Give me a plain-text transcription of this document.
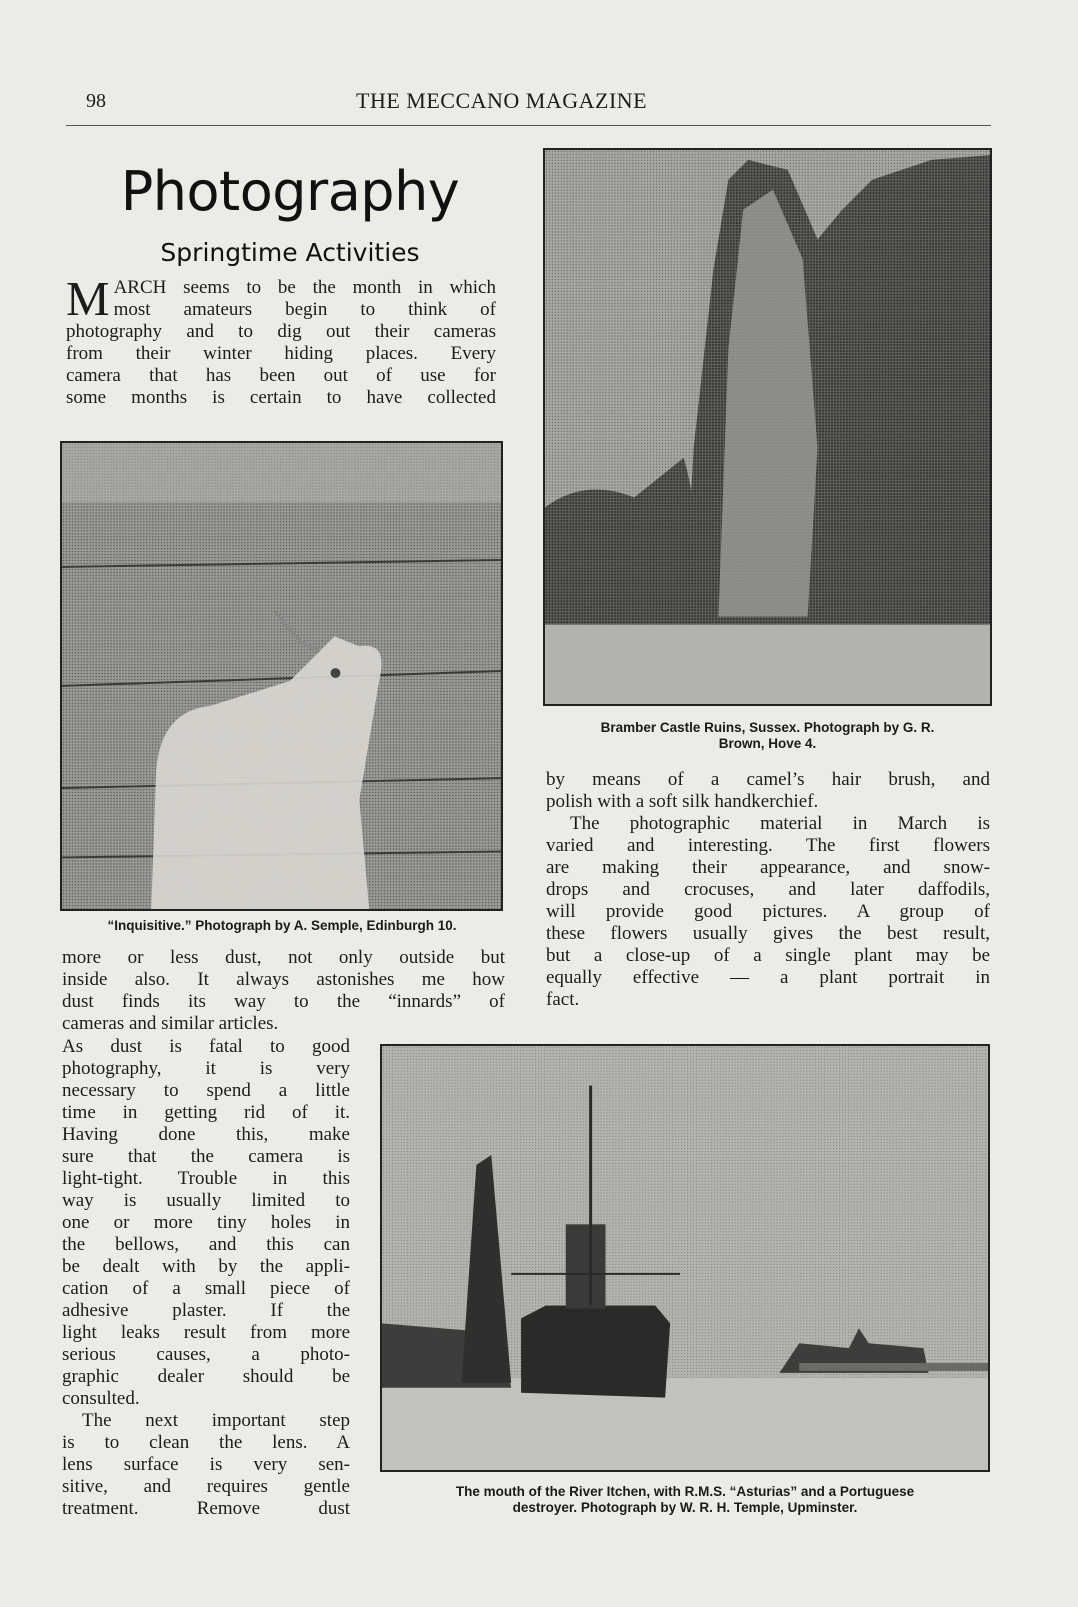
98	THE MECCANO MAGAZINE
Photography
Springtime Activities
M ARCH seems to be the month in which
most amateurs begin to think of
photography and to dig out their cameras
from their winter hiding places. Every
camera that has been out of use for
some months is certain to have collected
“Inquisitive.” Photograph by A. Semple, Edinburgh 10.
more or less dust, not only outside but
inside also. It always astonishes me how
dust finds its way to the “innards” of
cameras and similar articles.
As dust is fatal to good
photography, it is very
necessary to spend a little
time in getting rid of it.
Having done this, make
sure that the camera is
light-tight. Trouble in this
way is usually limited to
one or more tiny holes in
the bellows, and this can
be dealt with by the appli-
cation of a small piece of
adhesive plaster. If the
light leaks result from more
serious causes, a photo-
graphic dealer should be
consulted.
The next important step
is to clean the lens. A
lens surface is very sen-
sitive, and requires gentle
treatment. Remove dust
Bramber Castle Ruins, Sussex. Photograph by G. R.
Brown, Hove 4.
by means of a camel’s hair brush, and
polish with a soft silk handkerchief.
The photographic material in March is
varied and interesting. The first flowers
are making their appearance, and snow-
drops and crocuses, and later daffodils,
will provide good pictures. A group of
these flowers usually gives the best result,
but a close-up of a single plant may be
equally effective — a plant portrait in
fact.
The mouth of the River Itchen, with R.M.S. “Asturias” and a Portuguese
destroyer. Photograph by W. R. H. Temple, Upminster.
